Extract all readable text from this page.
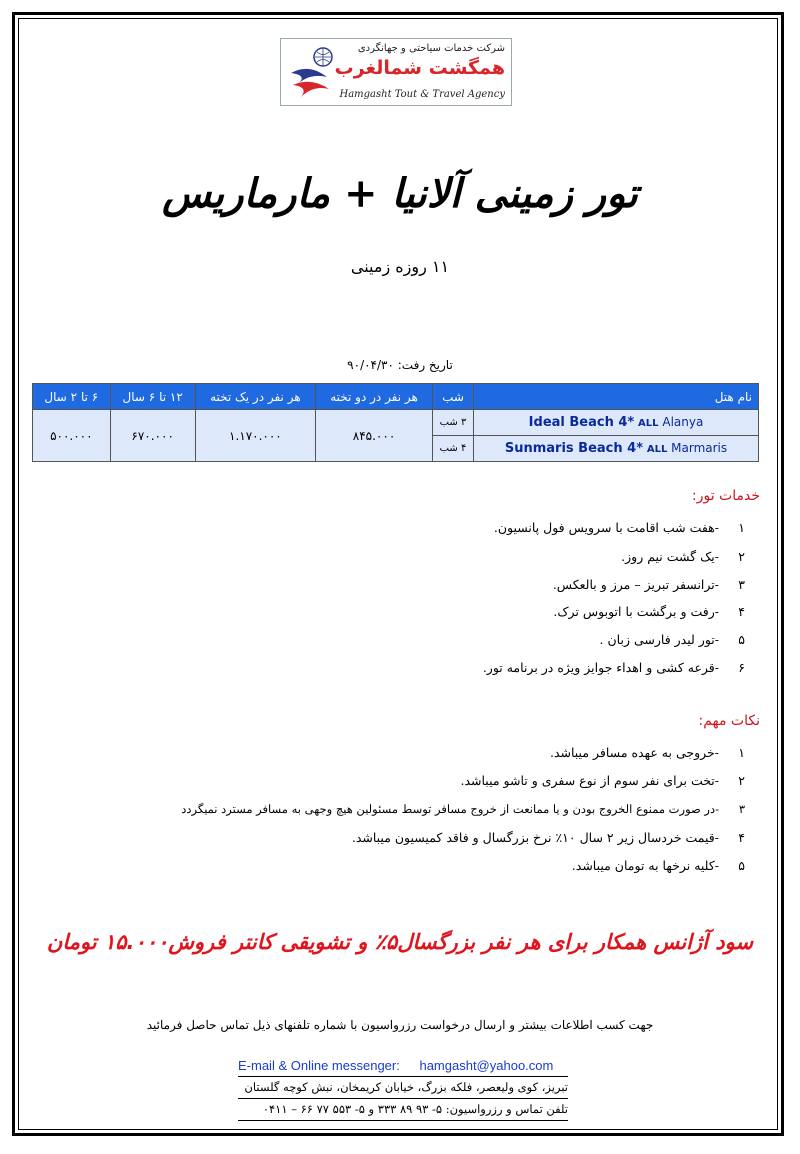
شرکت خدمات سیاحتی و جهانگردی
همگشت شمالغرب
Hamgasht Tout & Travel Agency
تور زمینی آلانیا + مارماریس
۱۱ روزه زمینی
تاریخ رفت: ۹۰/۰۴/۳۰
نام هتل	شب	هر نفر در دو تخته	هر نفر در یک تخته	۱۲ تا ۶ سال	۶ تا ۲ سال
Ideal Beach 4* ALL Alanya	۳ شب	۸۴۵.۰۰۰	۱.۱۷۰.۰۰۰	۶۷۰.۰۰۰	۵۰۰.۰۰۰
Sunmaris Beach 4* ALL Marmaris	۴ شب				
خدمات تور:
۱-هفت شب اقامت با سرویس فول پانسیون.
۲-یک گشت نیم روز.
۳-ترانسفر تبریز – مرز و بالعکس.
۴-رفت و برگشت با اتوبوس ترک.
۵-تور لیدر فارسی زبان .
۶-قرعه کشی و اهداء جوایز ویژه در برنامه تور.
نکات مهم:
۱-خروجی به عهده مسافر میباشد.
۲-تخت برای نفر سوم از نوع سفری و تاشو میباشد.
۳-در صورت ممنوع الخروج بودن و یا ممانعت از خروج مسافر توسط مسئولین هیچ وجهی به مسافر مسترد نمیگردد
۴-قیمت خردسال زیر ۲ سال ۱۰٪ نرخ بزرگسال و فاقد کمیسیون میباشد.
۵-کلیه نرخها به تومان میباشد.
سود آژانس همکار برای هر نفر بزرگسال۵٪ و تشویقی کانتر فروش۱۵.۰۰۰ تومان
جهت کسب اطلاعات بیشتر و ارسال درخواست رزرواسیون با شماره تلفنهای ذیل تماس حاصل فرمائید
E-mail & Online messenger: hamgasht@yahoo.com
تبریز، کوی ولیعصر، فلکه بزرگ، خیابان کریمخان، نبش کوچه گلستان
تلفن تماس و رزرواسیون: ۵- ۹۳ ۸۹ ۳۳۳ و ۵- ۵۵۳ ۷۷ ۶۶ – ۰۴۱۱
